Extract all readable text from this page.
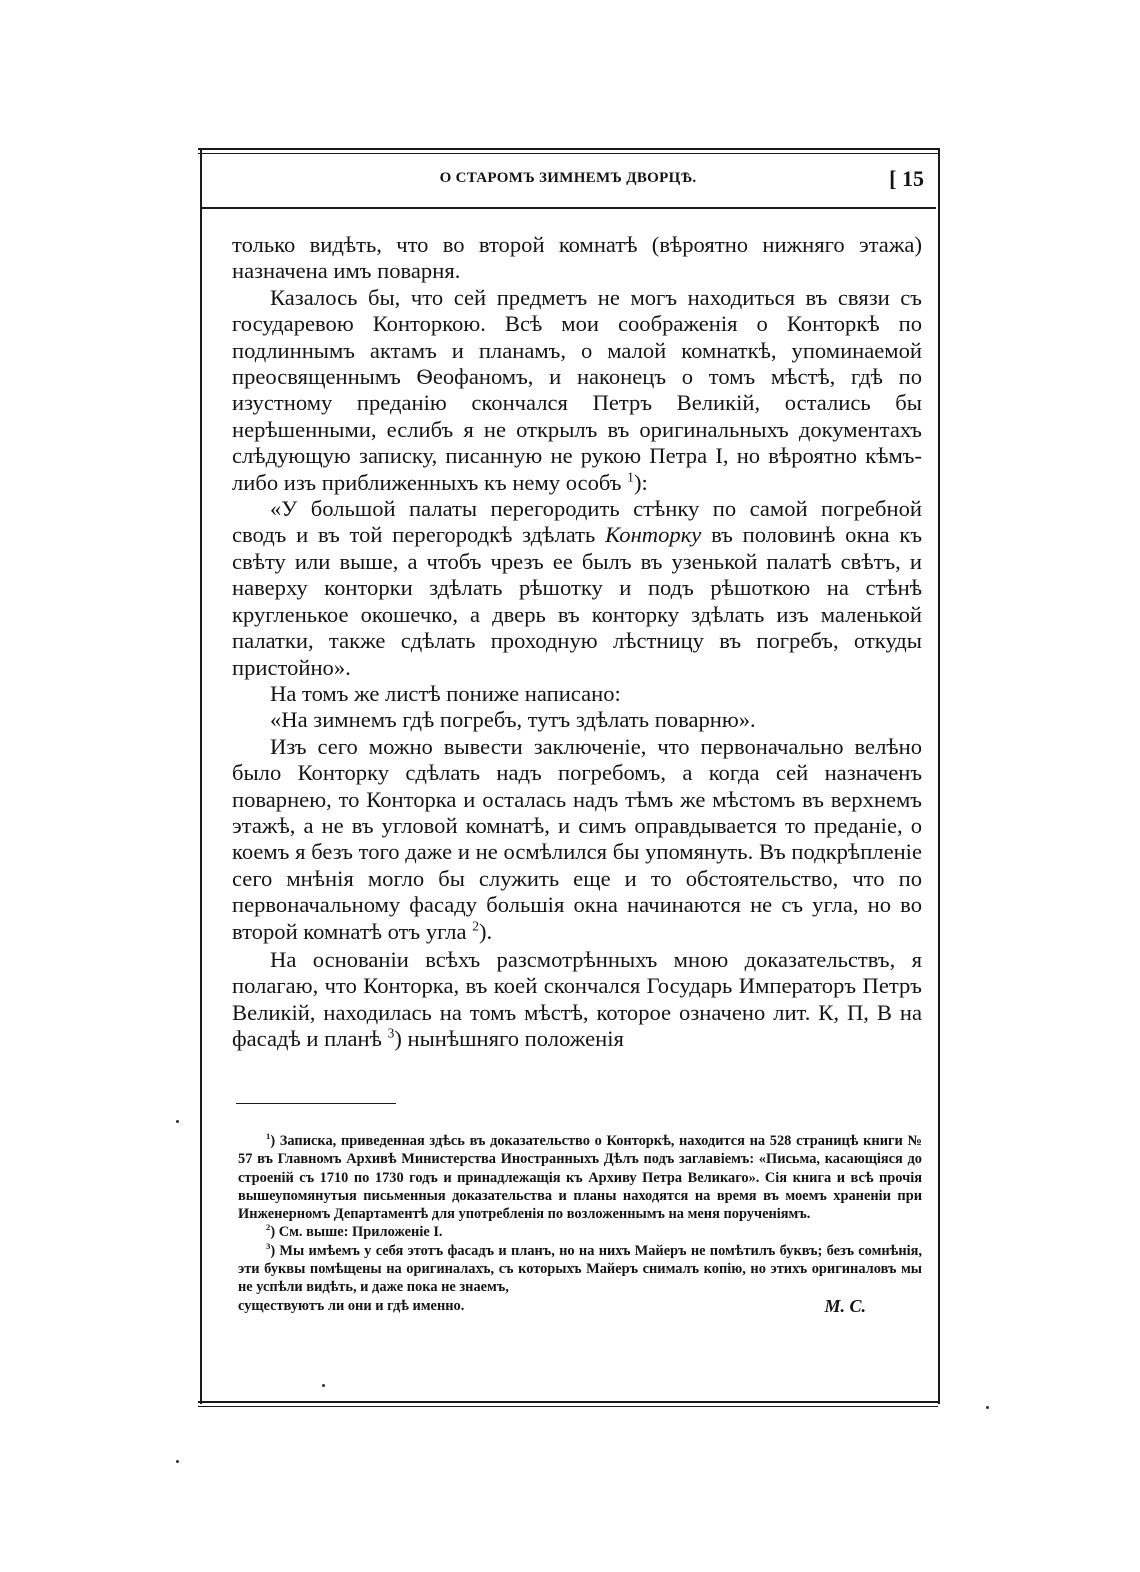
О СТАРОМЪ ЗИМНЕМЪ ДВОРЦѢ.	[ 15

только видѣть, что во второй комнатѣ (вѣроятно нижняго этажа) назначена имъ поварня.

Казалось бы, что сей предметъ не могъ находиться въ связи съ государевою Конторкою. Всѣ мои соображенія о Конторкѣ по подлиннымъ актамъ и планамъ, о малой комнаткѣ, упоминаемой преосвященнымъ Ѳеофаномъ, и наконецъ о томъ мѣстѣ, гдѣ по изустному преданію скончался Петръ Великій, остались бы нерѣшенными, еслибъ я не открылъ въ оригинальныхъ документахъ слѣдующую записку, писанную не рукою Петра I, но вѣроятно кѣмъ-либо изъ приближенныхъ къ нему особъ $^1$):

«У большой палаты перегородить стѣнку по самой погребной сводъ и въ той перегородкѣ здѣлать Конторку въ половинѣ окна къ свѣту или выше, а чтобъ чрезъ ее былъ въ узенькой палатѣ свѣтъ, и наверху конторки здѣлать рѣшотку и подъ рѣшоткою на стѣнѣ кругленькое окошечко, а дверь въ конторку здѣлать изъ маленькой палатки, также сдѣлать проходную лѣстницу въ погребъ, откуды пристойно».

На томъ же листѣ пониже написано:

«На зимнемъ гдѣ погребъ, тутъ здѣлать поварню».

Изъ сего можно вывести заключеніе, что первоначально велѣно было Конторку сдѣлать надъ погребомъ, а когда сей назначенъ поварнею, то Конторка и осталась надъ тѣмъ же мѣстомъ въ верхнемъ этажѣ, а не въ угловой комнатѣ, и симъ оправдывается то преданіе, о коемъ я безъ того даже и не осмѣлился бы упомянуть. Въ подкрѣпленіе сего мнѣнія могло бы служить еще и то обстоятельство, что по первоначальному фасаду большія окна начинаются не съ угла, но во второй комнатѣ отъ угла $^2$).

На основаніи всѣхъ разсмотрѣнныхъ мною доказательствъ, я полагаю, что Конторка, въ коей скончался Государь Императоръ Петръ Великій, находилась на томъ мѣстѣ, которое означено лит. К, П, В на фасадѣ и планѣ $^3$) нынѣшняго положенія

$^1$) Записка, приведенная здѣсь въ доказательство о Конторкѣ, находится на 528 страницѣ книги № 57 въ Главномъ Архивѣ Министерства Иностранныхъ Дѣлъ подъ заглавіемъ: «Письма, касающіяся до строеній съ 1710 по 1730 годъ и принадлежащія къ Архиву Петра Великаго». Сія книга и всѣ прочія вышеупомянутыя письменныя доказательства и планы находятся на время въ моемъ храненіи при Инженерномъ Департаментѣ для употребленія по возложеннымъ на меня порученіямъ.

$^2$) См. выше: Приложеніе I.

$^3$) Мы имѣемъ у себя этотъ фасадъ и планъ, но на нихъ Майеръ не помѣтилъ буквъ; безъ сомнѣнія, эти буквы помѣщены на оригиналахъ, съ которыхъ Майеръ снималъ копію, но этихъ оригиналовъ мы не успѣли видѣть, и даже пока не знаемъ,

существуютъ ли они и гдѣ именно.	М. С.
